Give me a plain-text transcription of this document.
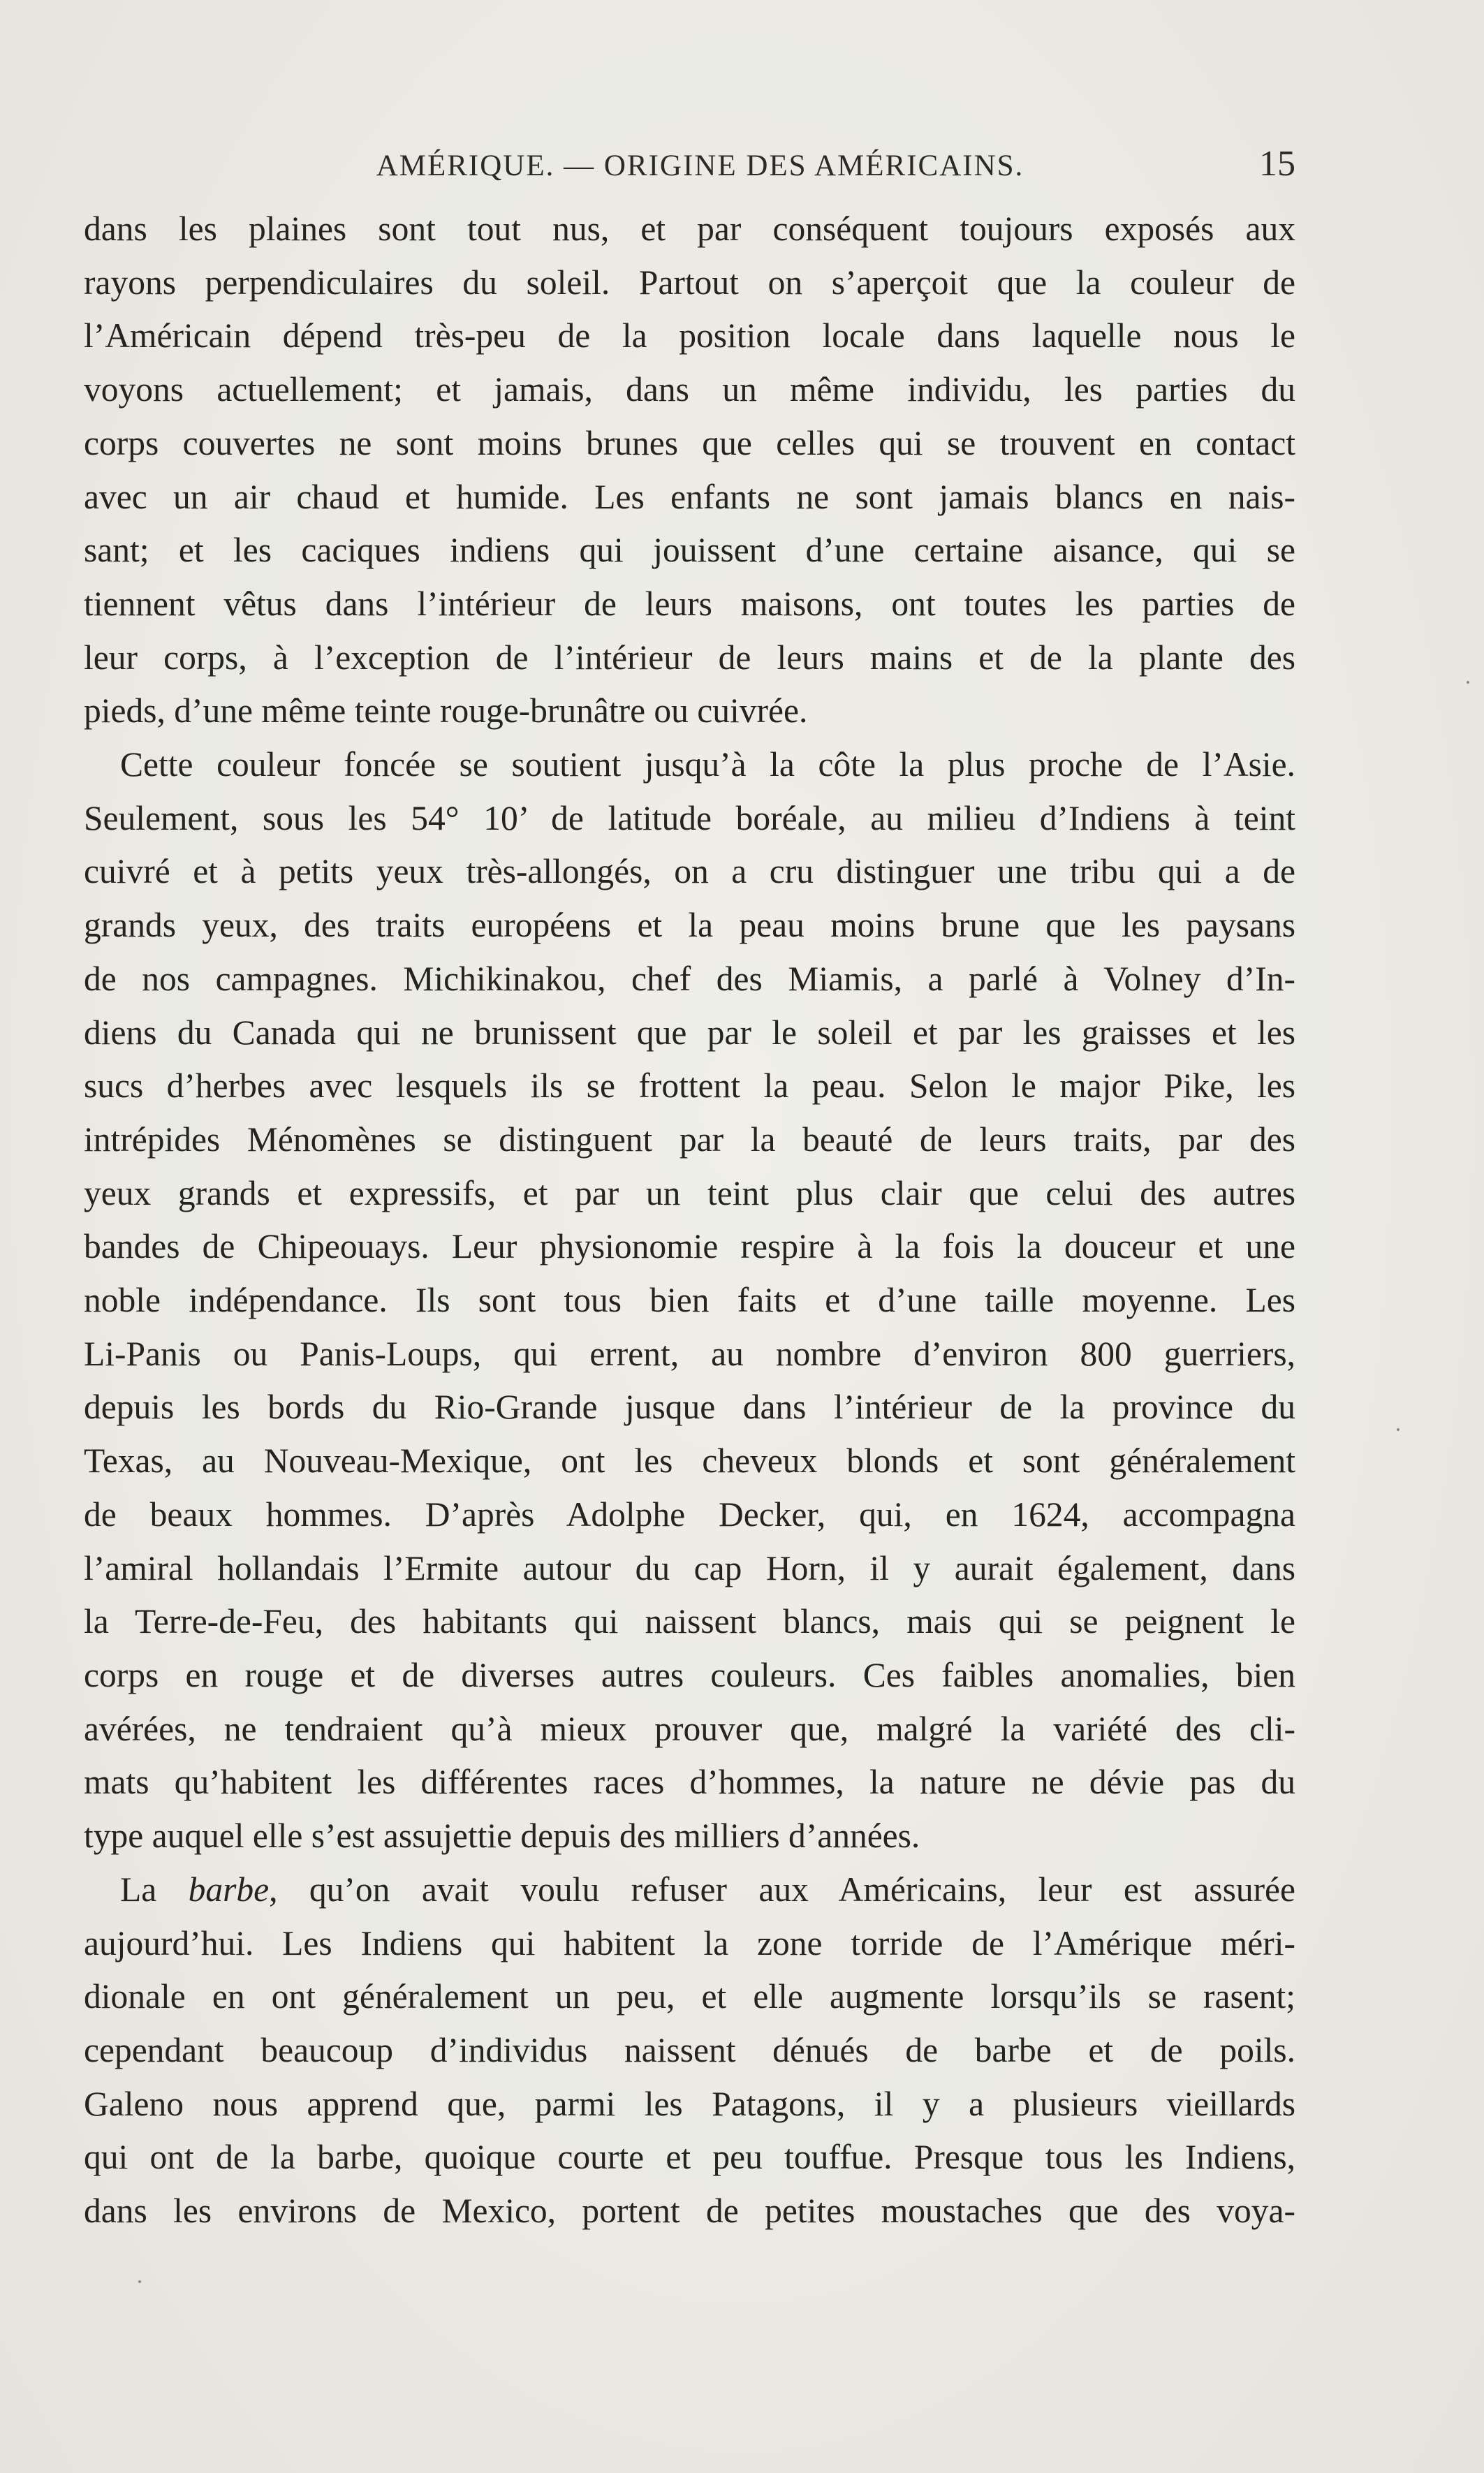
AMÉRIQUE. — ORIGINE DES AMÉRICAINS.	15

dans les plaines sont tout nus, et par conséquent toujours exposés aux
rayons perpendiculaires du soleil. Partout on s’aperçoit que la couleur de
l’Américain dépend très-peu de la position locale dans laquelle nous le
voyons actuellement; et jamais, dans un même individu, les parties du
corps couvertes ne sont moins brunes que celles qui se trouvent en contact
avec un air chaud et humide. Les enfants ne sont jamais blancs en nais-
sant; et les caciques indiens qui jouissent d’une certaine aisance, qui se
tiennent vêtus dans l’intérieur de leurs maisons, ont toutes les parties de
leur corps, à l’exception de l’intérieur de leurs mains et de la plante des
pieds, d’une même teinte rouge-brunâtre ou cuivrée.

Cette couleur foncée se soutient jusqu’à la côte la plus proche de l’Asie.
Seulement, sous les 54° 10’ de latitude boréale, au milieu d’Indiens à teint
cuivré et à petits yeux très-allongés, on a cru distinguer une tribu qui a de
grands yeux, des traits européens et la peau moins brune que les paysans
de nos campagnes. Michikinakou, chef des Miamis, a parlé à Volney d’In-
diens du Canada qui ne brunissent que par le soleil et par les graisses et les
sucs d’herbes avec lesquels ils se frottent la peau. Selon le major Pike, les
intrépides Ménomènes se distinguent par la beauté de leurs traits, par des
yeux grands et expressifs, et par un teint plus clair que celui des autres
bandes de Chipeouays. Leur physionomie respire à la fois la douceur et une
noble indépendance. Ils sont tous bien faits et d’une taille moyenne. Les
Li-Panis ou Panis-Loups, qui errent, au nombre d’environ 800 guerriers,
depuis les bords du Rio-Grande jusque dans l’intérieur de la province du
Texas, au Nouveau-Mexique, ont les cheveux blonds et sont généralement
de beaux hommes. D’après Adolphe Decker, qui, en 1624, accompagna
l’amiral hollandais l’Ermite autour du cap Horn, il y aurait également, dans
la Terre-de-Feu, des habitants qui naissent blancs, mais qui se peignent le
corps en rouge et de diverses autres couleurs. Ces faibles anomalies, bien
avérées, ne tendraient qu’à mieux prouver que, malgré la variété des cli-
mats qu’habitent les différentes races d’hommes, la nature ne dévie pas du
type auquel elle s’est assujettie depuis des milliers d’années.

La barbe, qu’on avait voulu refuser aux Américains, leur est assurée
aujourd’hui. Les Indiens qui habitent la zone torride de l’Amérique méri-
dionale en ont généralement un peu, et elle augmente lorsqu’ils se rasent;
cependant beaucoup d’individus naissent dénués de barbe et de poils.
Galeno nous apprend que, parmi les Patagons, il y a plusieurs vieillards
qui ont de la barbe, quoique courte et peu touffue. Presque tous les Indiens,
dans les environs de Mexico, portent de petites moustaches que des voya-
